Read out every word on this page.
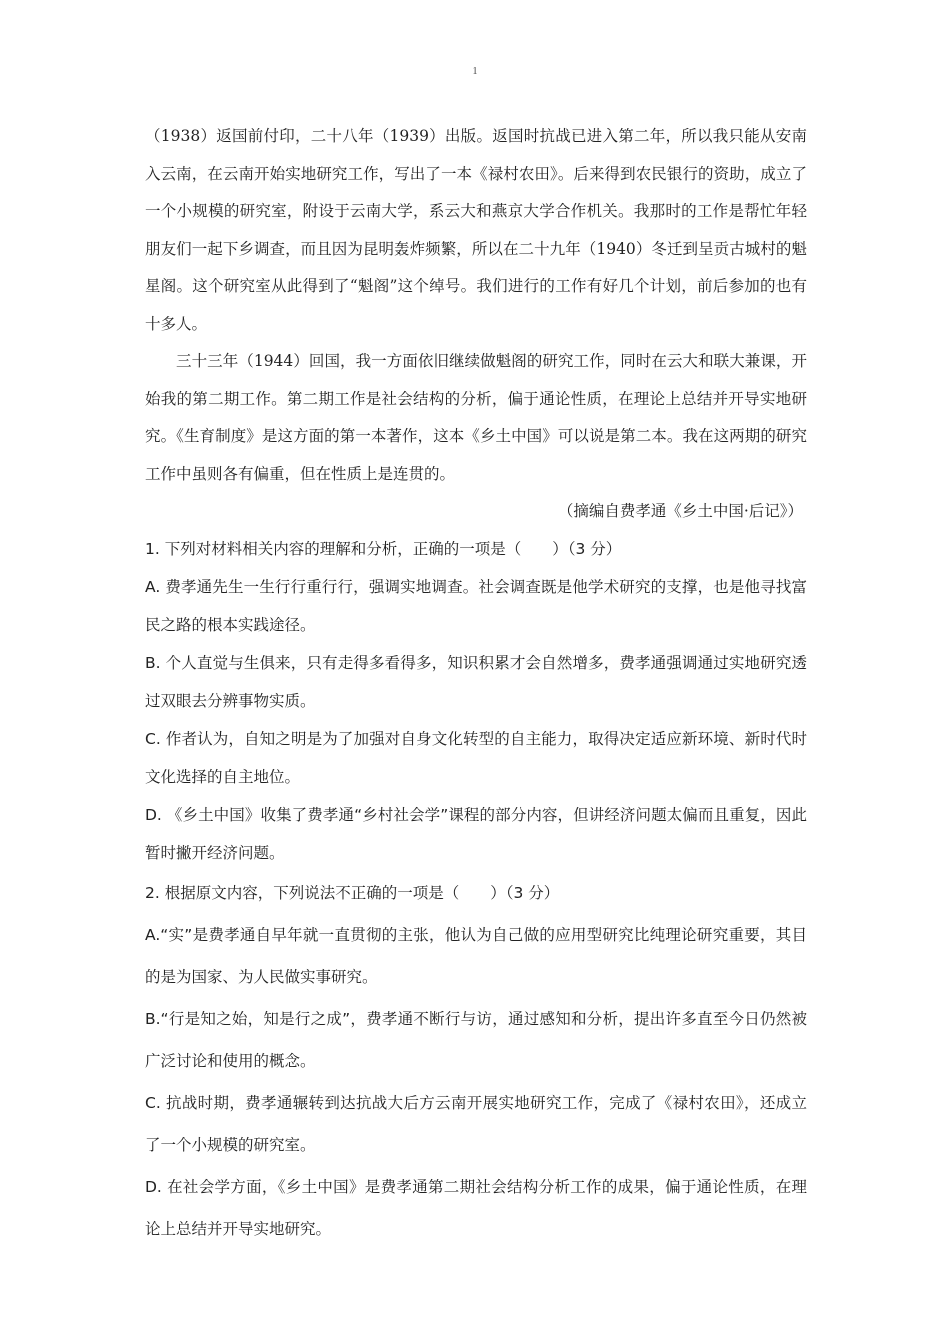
1

（1938）返国前付印，二十八年（1939）出版。返国时抗战已进入第二年，所以我只能从安南入云南，在云南开始实地研究工作，写出了一本《禄村农田》。后来得到农民银行的资助，成立了一个小规模的研究室，附设于云南大学，系云大和燕京大学合作机关。我那时的工作是帮忙年轻朋友们一起下乡调查，而且因为昆明轰炸频繁，所以在二十九年（1940）冬迁到呈贡古城村的魁星阁。这个研究室从此得到了“魁阁”这个绰号。我们进行的工作有好几个计划，前后参加的也有十多人。

三十三年（1944）回国，我一方面依旧继续做魁阁的研究工作，同时在云大和联大兼课，开始我的第二期工作。第二期工作是社会结构的分析，偏于通论性质，在理论上总结并开导实地研究。《生育制度》是这方面的第一本著作，这本《乡土中国》可以说是第二本。我在这两期的研究工作中虽则各有偏重，但在性质上是连贯的。

（摘编自费孝通《乡土中国·后记》）

1. 下列对材料相关内容的理解和分析，正确的一项是（　　）（3 分）

A. 费孝通先生一生行行重行行，强调实地调查。社会调查既是他学术研究的支撑，也是他寻找富民之路的根本实践途径。

B. 个人直觉与生俱来，只有走得多看得多，知识积累才会自然增多，费孝通强调通过实地研究透过双眼去分辨事物实质。

C. 作者认为，自知之明是为了加强对自身文化转型的自主能力，取得决定适应新环境、新时代时文化选择的自主地位。

D. 《乡土中国》收集了费孝通“乡村社会学”课程的部分内容，但讲经济问题太偏而且重复，因此暂时撇开经济问题。

2. 根据原文内容，下列说法不正确的一项是（　　）（3 分）

A.“实”是费孝通自早年就一直贯彻的主张，他认为自己做的应用型研究比纯理论研究重要，其目的是为国家、为人民做实事研究。

B.“行是知之始，知是行之成”，费孝通不断行与访，通过感知和分析，提出许多直至今日仍然被广泛讨论和使用的概念。

C. 抗战时期，费孝通辗转到达抗战大后方云南开展实地研究工作，完成了《禄村农田》，还成立了一个小规模的研究室。

D. 在社会学方面，《乡土中国》是费孝通第二期社会结构分析工作的成果，偏于通论性质，在理论上总结并开导实地研究。
